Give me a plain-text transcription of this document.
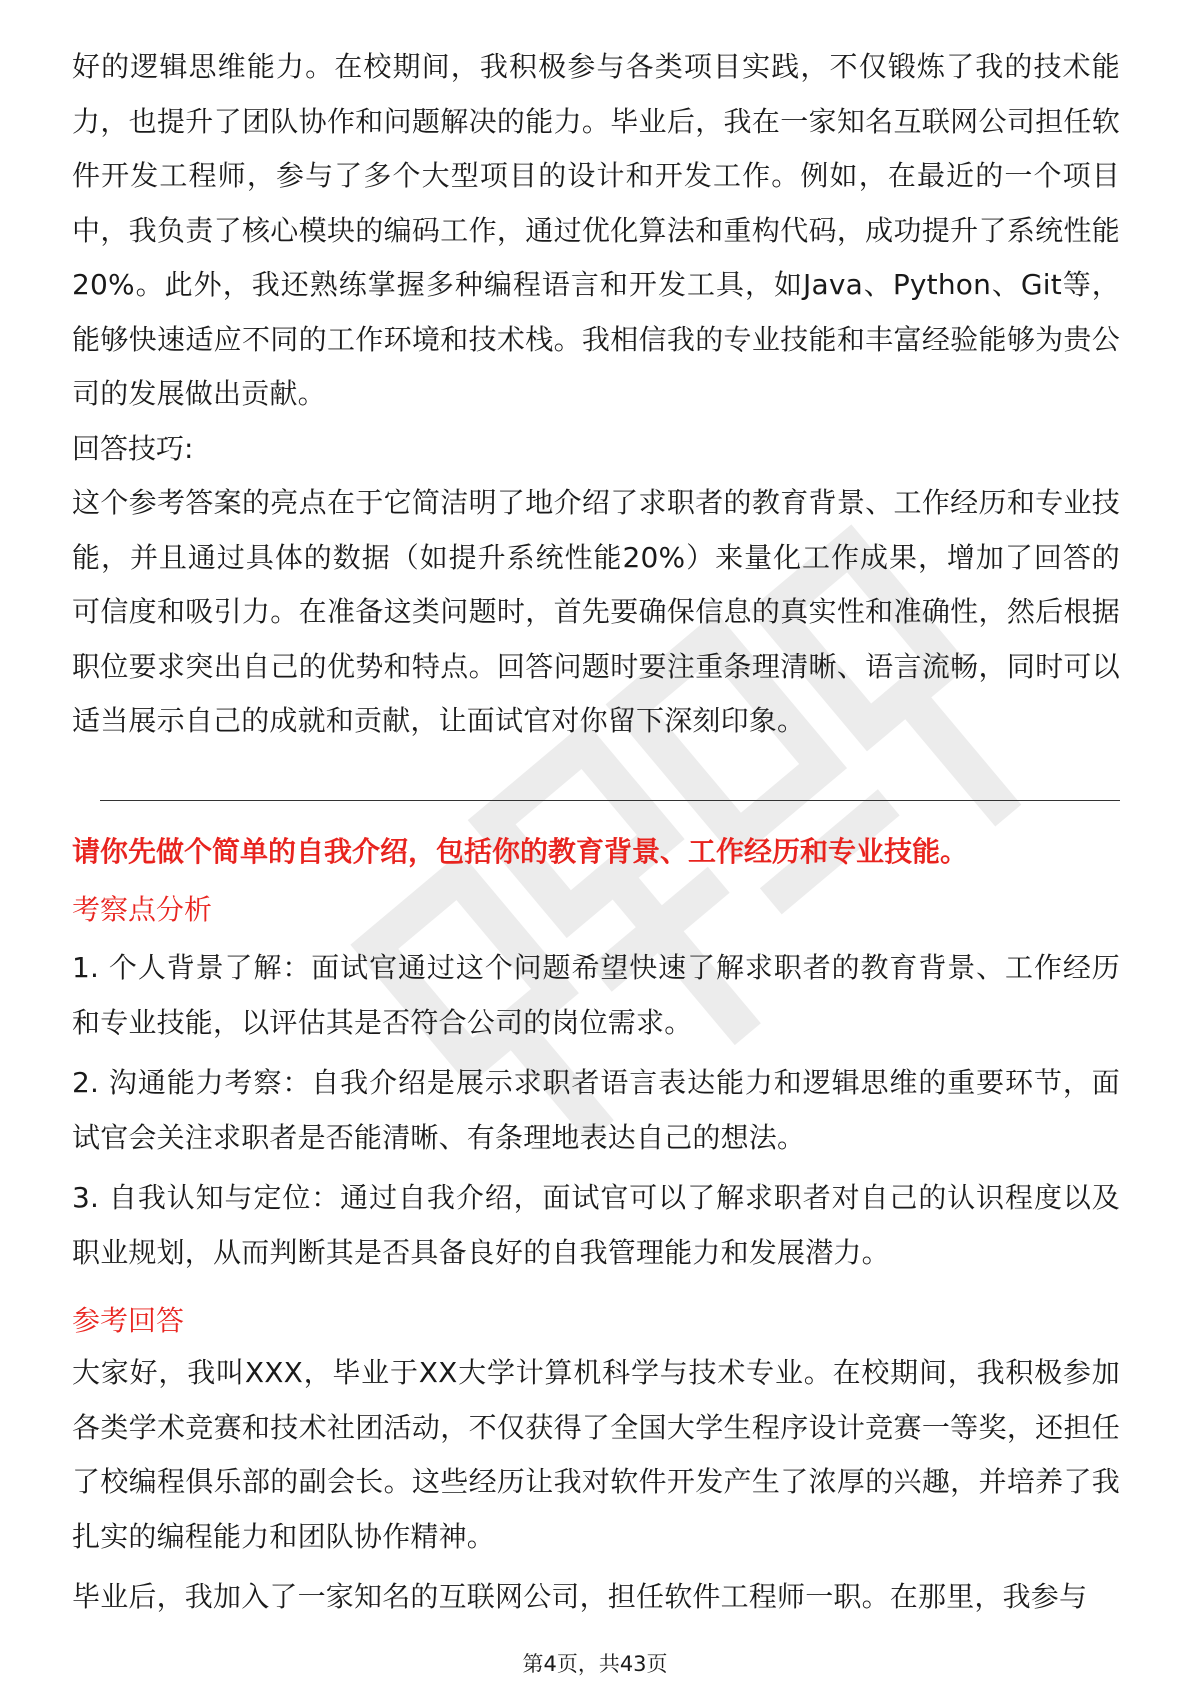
好的逻辑思维能力。在校期间，我积极参与各类项目实践，不仅锻炼了我的技术能力，也提升了团队协作和问题解决的能力。毕业后，我在一家知名互联网公司担任软件开发工程师，参与了多个大型项目的设计和开发工作。例如，在最近的一个项目中，我负责了核心模块的编码工作，通过优化算法和重构代码，成功提升了系统性能20%。此外，我还熟练掌握多种编程语言和开发工具，如Java、Python、Git等，能够快速适应不同的工作环境和技术栈。我相信我的专业技能和丰富经验能够为贵公司的发展做出贡献。

回答技巧:

这个参考答案的亮点在于它简洁明了地介绍了求职者的教育背景、工作经历和专业技能，并且通过具体的数据（如提升系统性能20%）来量化工作成果，增加了回答的可信度和吸引力。在准备这类问题时，首先要确保信息的真实性和准确性，然后根据职位要求突出自己的优势和特点。回答问题时要注重条理清晰、语言流畅，同时可以适当展示自己的成就和贡献，让面试官对你留下深刻印象。

请你先做个简单的自我介绍，包括你的教育背景、工作经历和专业技能。

考察点分析

1. 个人背景了解：面试官通过这个问题希望快速了解求职者的教育背景、工作经历和专业技能，以评估其是否符合公司的岗位需求。

2. 沟通能力考察：自我介绍是展示求职者语言表达能力和逻辑思维的重要环节，面试官会关注求职者是否能清晰、有条理地表达自己的想法。

3. 自我认知与定位：通过自我介绍，面试官可以了解求职者对自己的认识程度以及职业规划，从而判断其是否具备良好的自我管理能力和发展潜力。

参考回答

大家好，我叫XXX，毕业于XX大学计算机科学与技术专业。在校期间，我积极参加各类学术竞赛和技术社团活动，不仅获得了全国大学生程序设计竞赛一等奖，还担任了校编程俱乐部的副会长。这些经历让我对软件开发产生了浓厚的兴趣，并培养了我扎实的编程能力和团队协作精神。

毕业后，我加入了一家知名的互联网公司，担任软件工程师一职。在那里，我参与

第4页，共43页
